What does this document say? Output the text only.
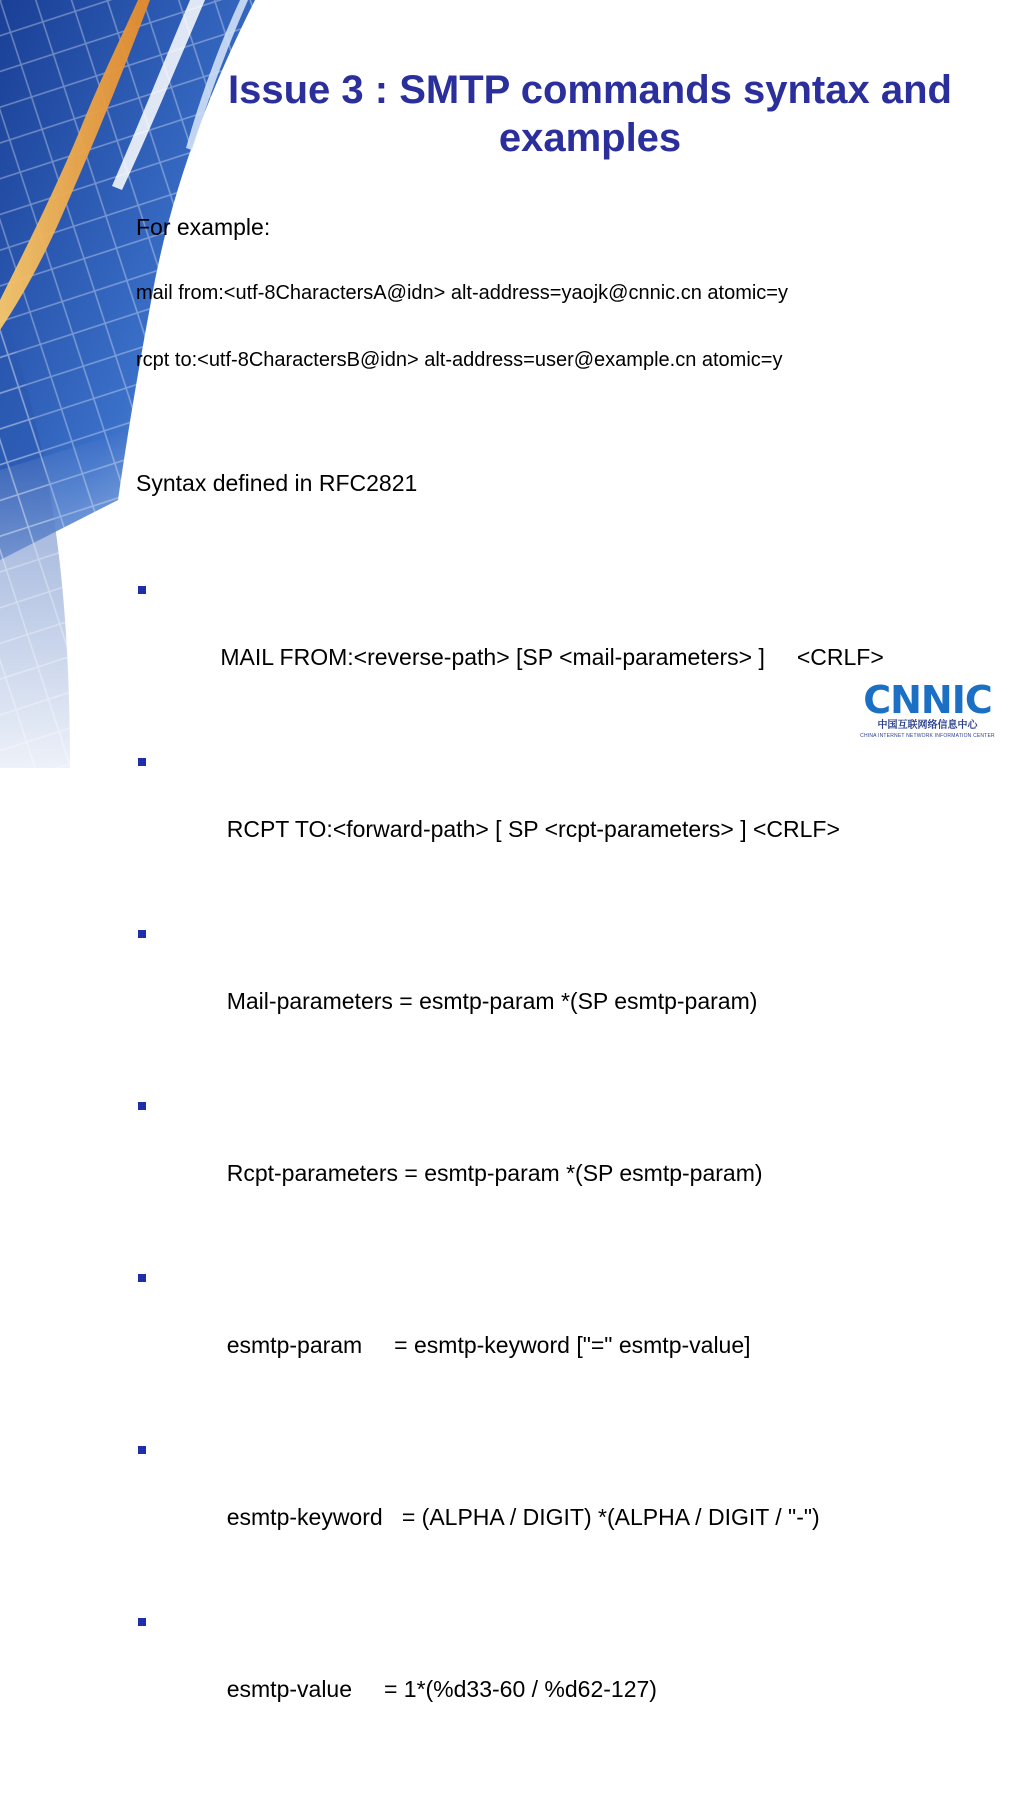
Issue 3 : SMTP commands syntax and examples

For example:

mail from:<utf-8CharactersA@idn> alt-address=yaojk@cnnic.cn atomic=y

rcpt to:<utf-8CharactersB@idn> alt-address=user@example.cn atomic=y

Syntax defined in RFC2821

MAIL FROM:<reverse-path> [SP <mail-parameters> ]     <CRLF>

RCPT TO:<forward-path> [ SP <rcpt-parameters> ] <CRLF>

Mail-parameters = esmtp-param *(SP esmtp-param)

Rcpt-parameters = esmtp-param *(SP esmtp-param)

esmtp-param     = esmtp-keyword ["=" esmtp-value]

esmtp-keyword   = (ALPHA / DIGIT) *(ALPHA / DIGIT / "-")

esmtp-value     = 1*(%d33-60 / %d62-127)

CNNIC
中国互联网络信息中心
CHINA INTERNET NETWORK INFORMATION CENTER
